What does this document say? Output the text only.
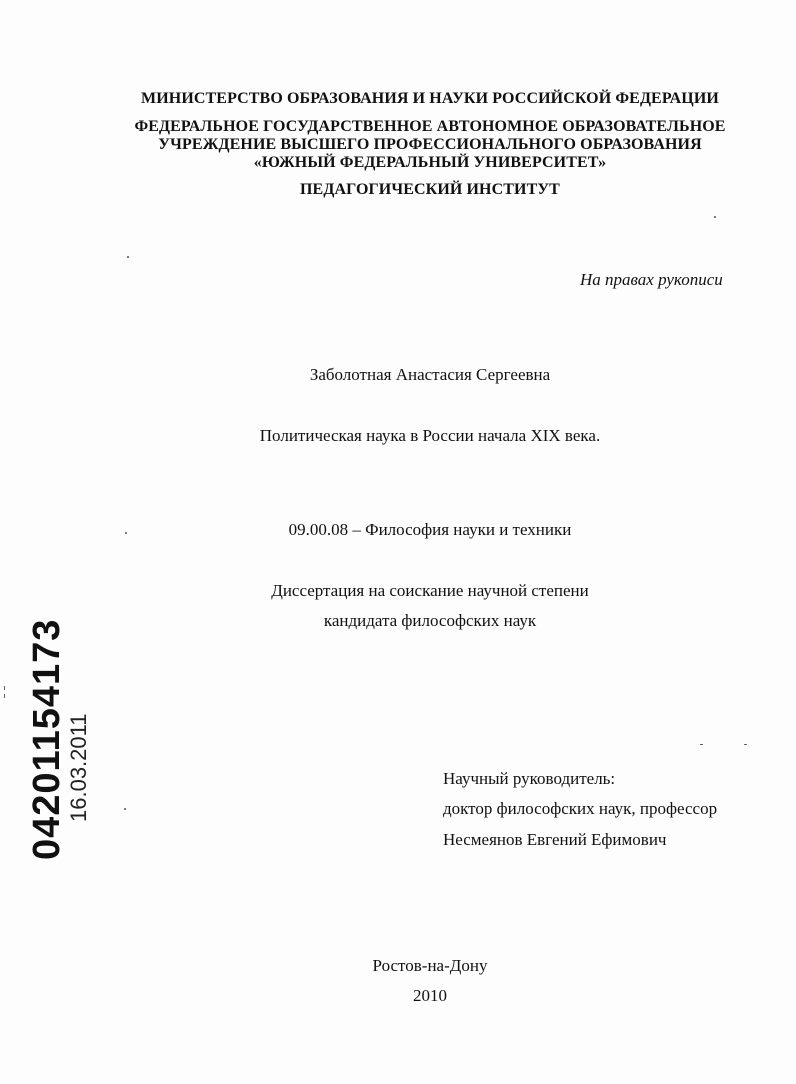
МИНИСТЕРСТВО ОБРАЗОВАНИЯ И НАУКИ РОССИЙСКОЙ ФЕДЕРАЦИИ
ФЕДЕРАЛЬНОЕ ГОСУДАРСТВЕННОЕ АВТОНОМНОЕ ОБРАЗОВАТЕЛЬНОЕ
УЧРЕЖДЕНИЕ ВЫСШЕГО ПРОФЕССИОНАЛЬНОГО ОБРАЗОВАНИЯ
«ЮЖНЫЙ ФЕДЕРАЛЬНЫЙ УНИВЕРСИТЕТ»
ПЕДАГОГИЧЕСКИЙ ИНСТИТУТ
На правах рукописи
Заболотная Анастасия Сергеевна
Политическая наука в России начала XIX века.
09.00.08 – Философия науки и техники
Диссертация на соискание научной степени
кандидата философских наук
Научный руководитель:
доктор философских наук, профессор
Несмеянов Евгений Ефимович
Ростов-на-Дону
2010
04201154173
16.03.2011
